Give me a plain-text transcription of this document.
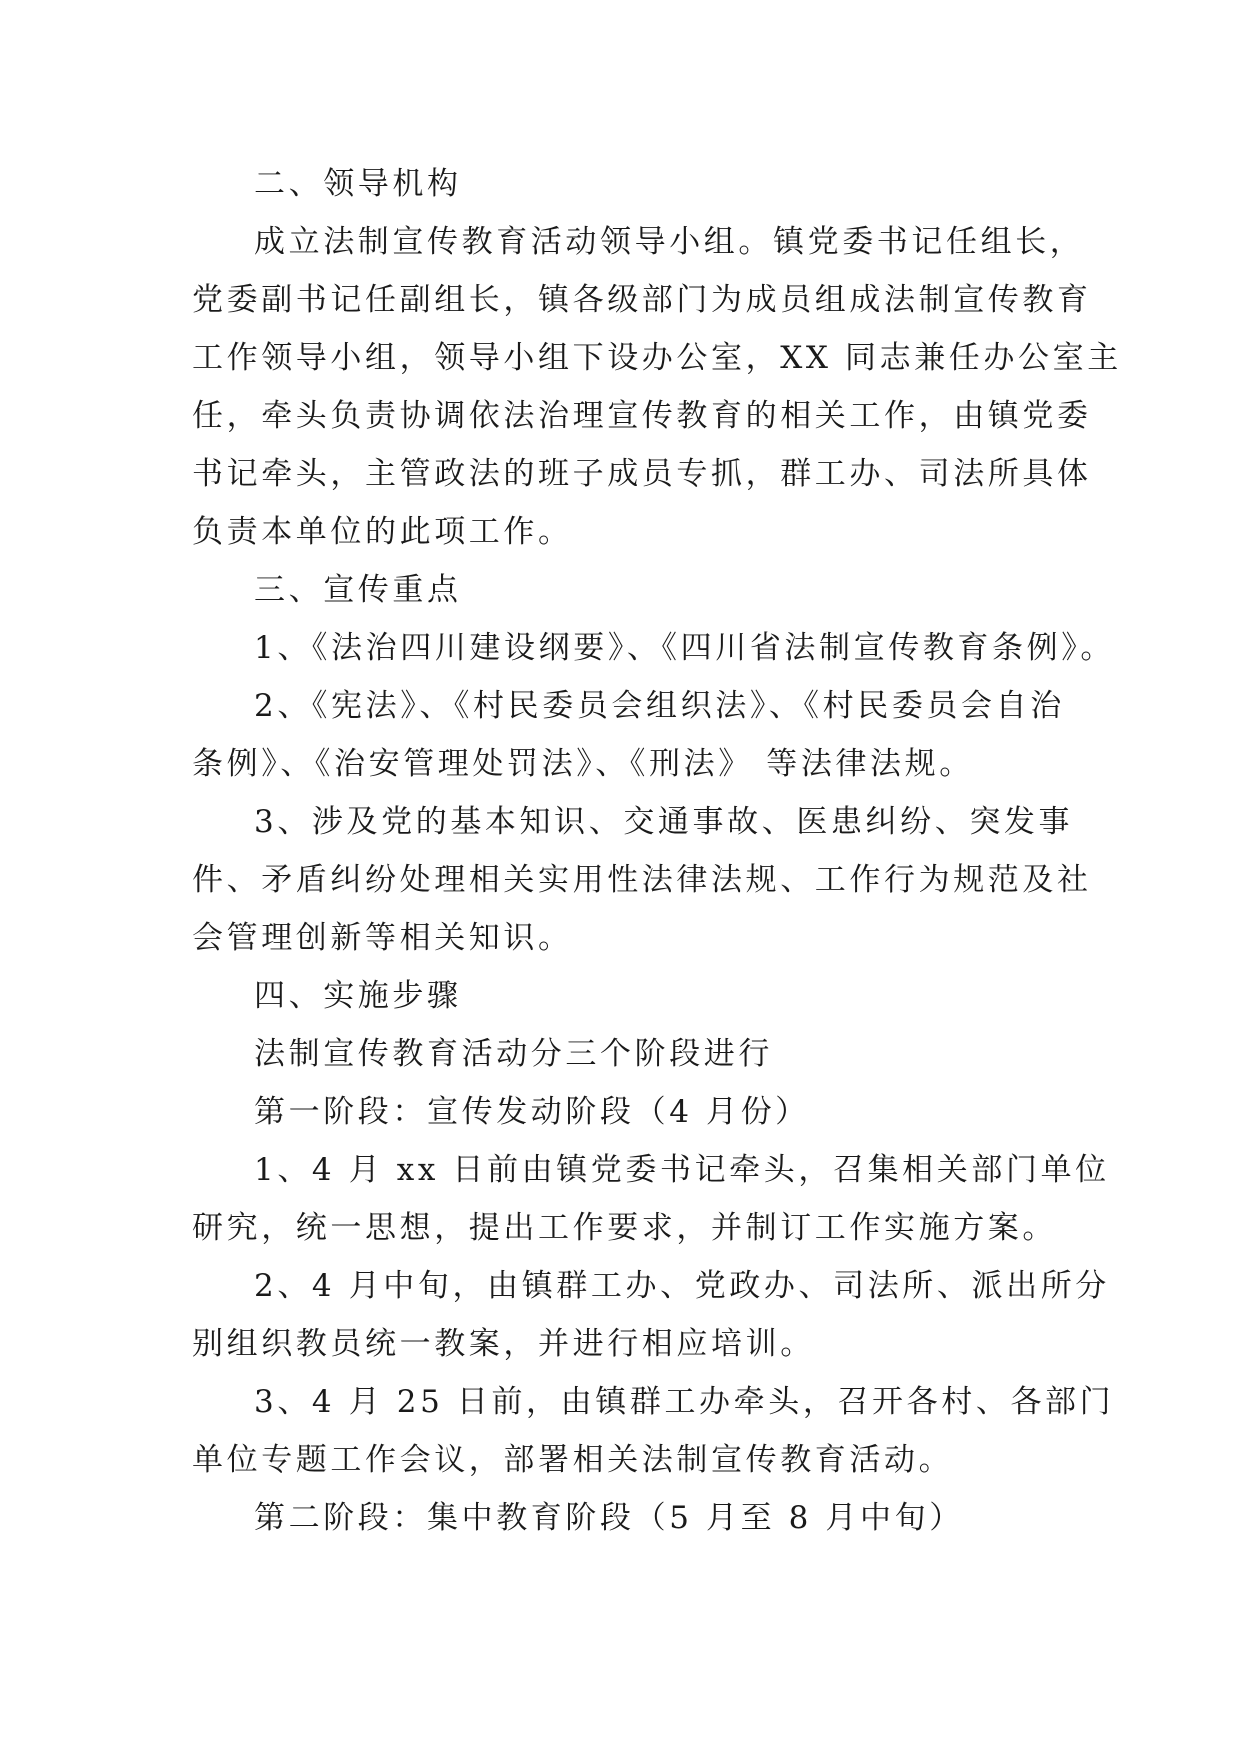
二、领导机构
成立法制宣传教育活动领导小组。镇党委书记任组长，
党委副书记任副组长，镇各级部门为成员组成法制宣传教育
工作领导小组，领导小组下设办公室，XX 同志兼任办公室主
任，牵头负责协调依法治理宣传教育的相关工作，由镇党委
书记牵头，主管政法的班子成员专抓，群工办、司法所具体
负责本单位的此项工作。
三、宣传重点
1、《法治四川建设纲要》、《四川省法制宣传教育条例》。
2、《宪法》、《村民委员会组织法》、《村民委员会自治
条例》、《治安管理处罚法》、《刑法》 等法律法规。
3、涉及党的基本知识、交通事故、医患纠纷、突发事
件、矛盾纠纷处理相关实用性法律法规、工作行为规范及社
会管理创新等相关知识。
四、实施步骤
法制宣传教育活动分三个阶段进行
第一阶段：宣传发动阶段（4 月份）
1、4 月 xx 日前由镇党委书记牵头，召集相关部门单位
研究，统一思想，提出工作要求，并制订工作实施方案。
2、4 月中旬，由镇群工办、党政办、司法所、派出所分
别组织教员统一教案，并进行相应培训。
3、4 月 25 日前，由镇群工办牵头，召开各村、各部门
单位专题工作会议，部署相关法制宣传教育活动。
第二阶段：集中教育阶段（5 月至 8 月中旬）
